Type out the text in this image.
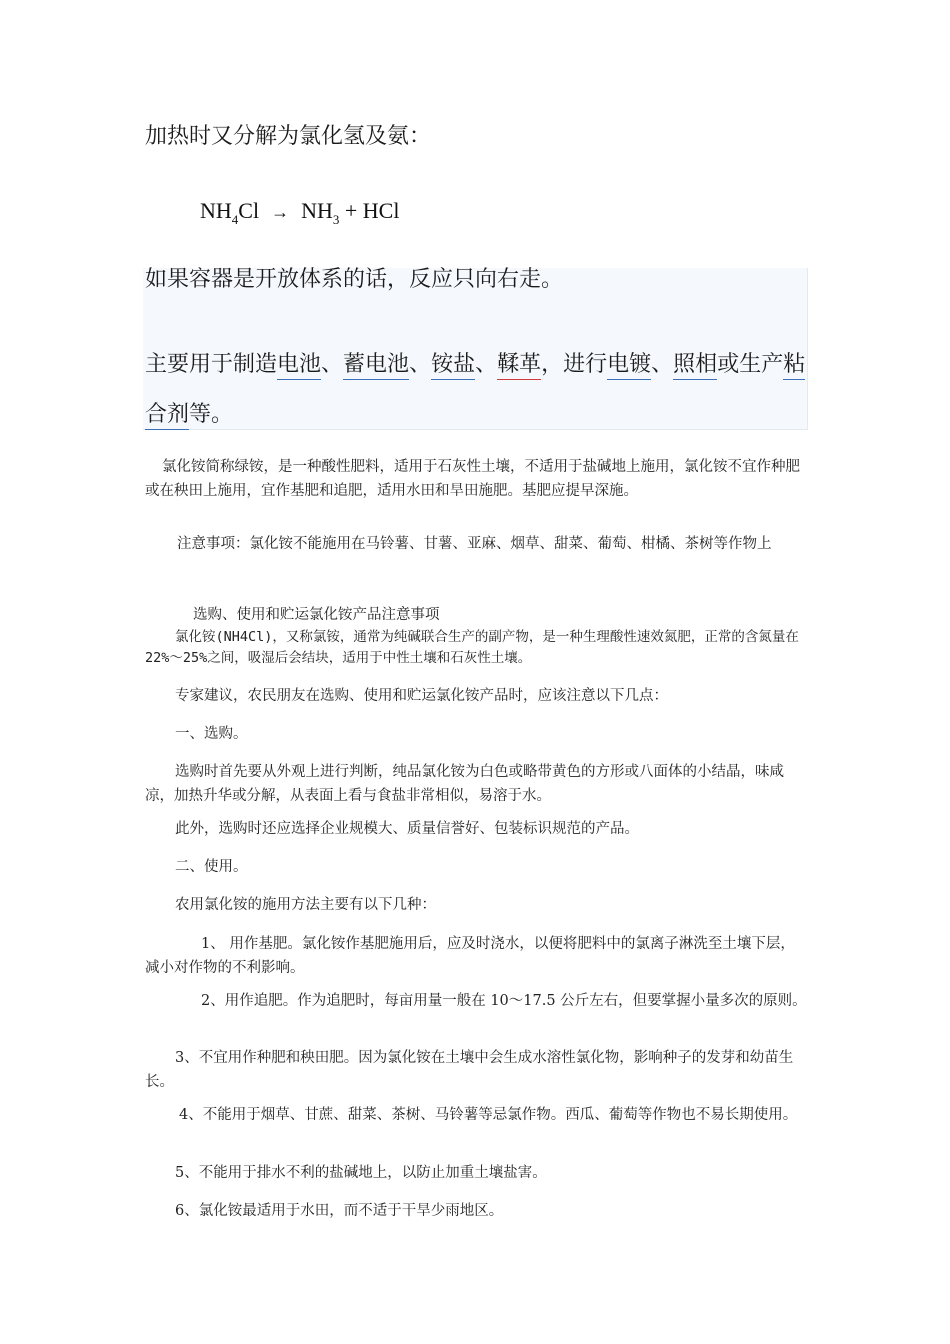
加热时又分解为氯化氢及氨：
$NH_4Cl \to NH_3$ + HCl
如果容器是开放体系的话，反应只向右走。
主要用于制造电池、蓄电池、铵盐、鞣革，进行电镀、照相或生产粘
合剂等。
氯化铵简称绿铵，是一种酸性肥料，适用于石灰性土壤，不适用于盐碱地上施用，氯化铵不宜作种肥或在秧田上施用，宜作基肥和追肥，适用水田和旱田施肥。基肥应提早深施。
注意事项：氯化铵不能施用在马铃薯、甘薯、亚麻、烟草、甜菜、葡萄、柑橘、茶树等作物上
选购、使用和贮运氯化铵产品注意事项
氯化铵(NH4Cl)，又称氯铵，通常为纯碱联合生产的副产物，是一种生理酸性速效氮肥，正常的含氮量在 22%～25%之间，吸湿后会结块，适用于中性土壤和石灰性土壤。
专家建议，农民朋友在选购、使用和贮运氯化铵产品时，应该注意以下几点：
一、选购。
选购时首先要从外观上进行判断，纯品氯化铵为白色或略带黄色的方形或八面体的小结晶，味咸凉，加热升华或分解，从表面上看与食盐非常相似，易溶于水。
此外，选购时还应选择企业规模大、质量信誉好、包装标识规范的产品。
二、使用。
农用氯化铵的施用方法主要有以下几种：
1、 用作基肥。氯化铵作基肥施用后，应及时浇水，以便将肥料中的氯离子淋洗至土壤下层，减小对作物的不利影响。
2、用作追肥。作为追肥时，每亩用量一般在 10～17.5 公斤左右，但要掌握小量多次的原则。
3、不宜用作种肥和秧田肥。因为氯化铵在土壤中会生成水溶性氯化物，影响种子的发芽和幼苗生长。
4、不能用于烟草、甘蔗、甜菜、茶树、马铃薯等忌氯作物。西瓜、葡萄等作物也不易长期使用。
5、不能用于排水不利的盐碱地上，以防止加重土壤盐害。
6、氯化铵最适用于水田，而不适于干旱少雨地区。
